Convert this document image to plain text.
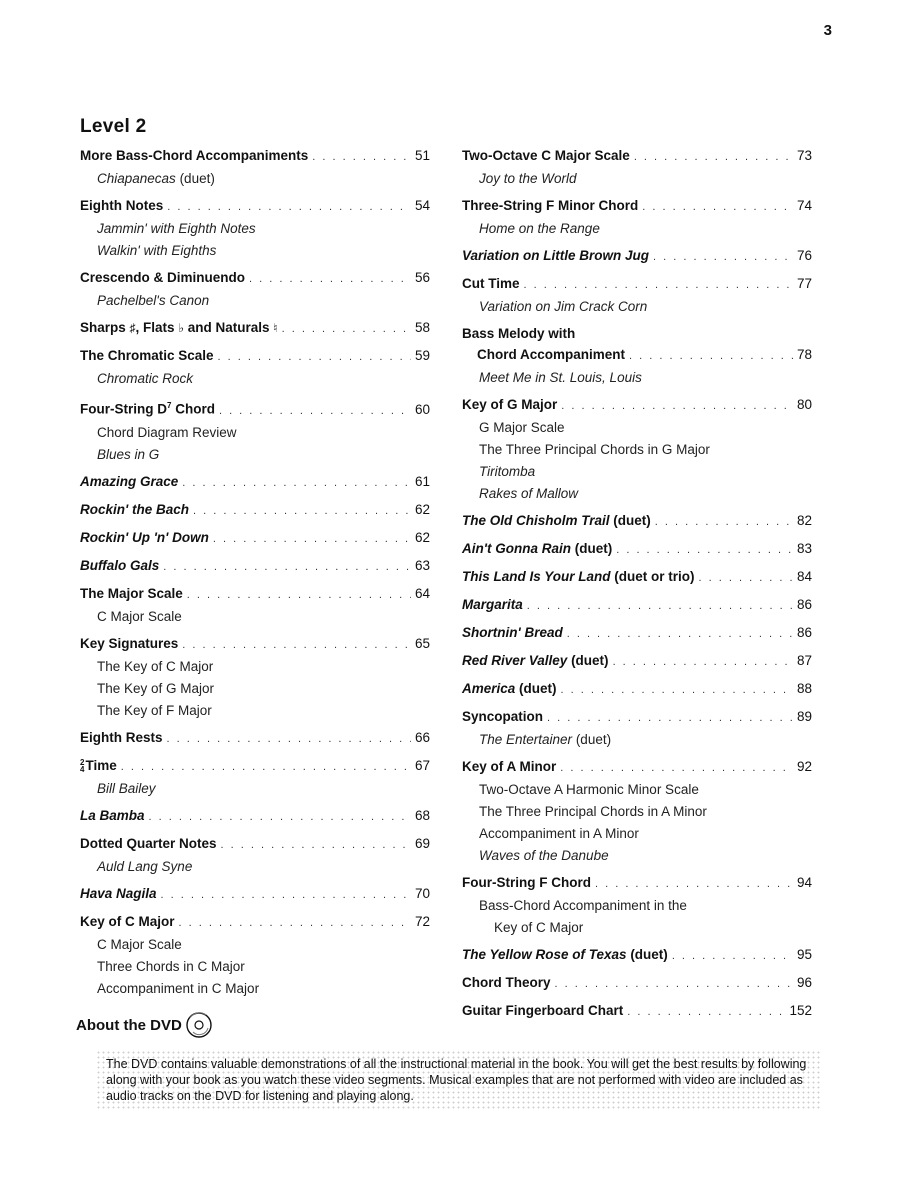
3
Level 2
More Bass-Chord Accompaniments . . .	51
Chiapanecas (duet)
Eighth Notes . . .	54
Jammin' with Eighth Notes
Walkin' with Eighths
Crescendo & Diminuendo . . .	56
Pachelbel's Canon
Sharps ♯, Flats ♭ and Naturals ♮ . . .	58
The Chromatic Scale . . .	59
Chromatic Rock
Four-String $D^7$ Chord . . .	60
Chord Diagram Review
Blues in G
Amazing Grace . . .	61
Rockin' the Bach . . .	62
Rockin' Up 'n' Down . . .	62
Buffalo Gals . . .	63
The Major Scale . . .	64
C Major Scale
Key Signatures . . .	65
The Key of C Major
The Key of G Major
The Key of F Major
Eighth Rests . . .	66
2
4 Time . . .	67
Bill Bailey
La Bamba . . .	68
Dotted Quarter Notes . . .	69
Auld Lang Syne
Hava Nagila . . .	70
Key of C Major . . .	72
C Major Scale
Three Chords in C Major
Accompaniment in C Major
Two-Octave C Major Scale . . .	73
Joy to the World
Three-String F Minor Chord . . .	74
Home on the Range
Variation on Little Brown Jug . . .	76
Cut Time . . .	77
Variation on Jim Crack Corn
Bass Melody with
Chord Accompaniment . . .	78
Meet Me in St. Louis, Louis
Key of G Major . . .	80
G Major Scale
The Three Principal Chords in G Major
Tiritomba
Rakes of Mallow
The Old Chisholm Trail (duet) . . .	82
Ain't Gonna Rain (duet) . . .	83
This Land Is Your Land (duet or trio) . . .	84
Margarita . . .	86
Shortnin' Bread . . .	86
Red River Valley (duet) . . .	87
America (duet) . . .	88
Syncopation . . .	89
The Entertainer (duet)
Key of A Minor . . .	92
Two-Octave A Harmonic Minor Scale
The Three Principal Chords in A Minor
Accompaniment in A Minor
Waves of the Danube
Four-String F Chord . . .	94
Bass-Chord Accompaniment in the
Key of C Major
The Yellow Rose of Texas (duet) . . .	95
Chord Theory . . .	96
Guitar Fingerboard Chart . . .	152
About the DVD
The DVD contains valuable demonstrations of all the instructional material in the book. You will get the best results by following along with your book as you watch these video segments. Musical examples that are not performed with video are included as audio tracks on the DVD for listening and playing along.
